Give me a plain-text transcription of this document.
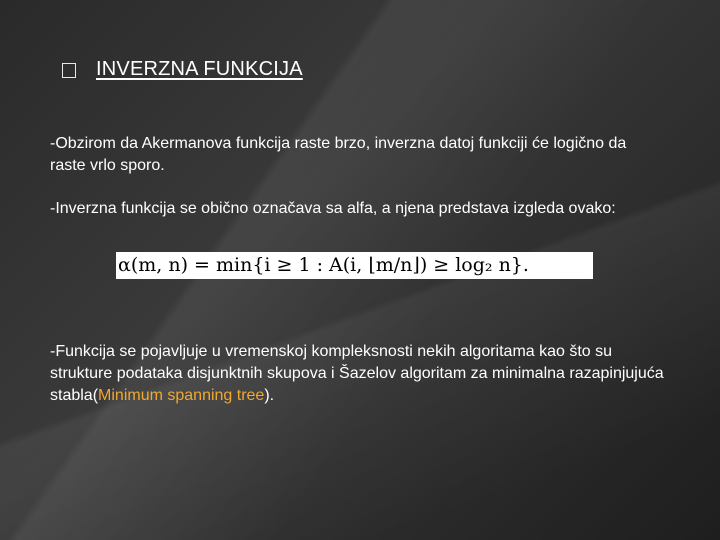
INVERZNA FUNKCIJA
-Obzirom da Akermanova funkcija raste brzo, inverzna datoj funkciji će logično da raste vrlo sporo.
-Inverzna funkcija se obično označava sa alfa, a njena predstava izgleda ovako:
α(m, n) = min{i ≥ 1 : A(i, ⌊m/n⌋) ≥ log₂ n}.
-Funkcija se pojavljuje u vremenskoj kompleksnosti nekih algoritama kao što su strukture podataka disjunktnih skupova i Šazelov algoritam za minimalna razapinjujuća stabla(Minimum spanning tree).
